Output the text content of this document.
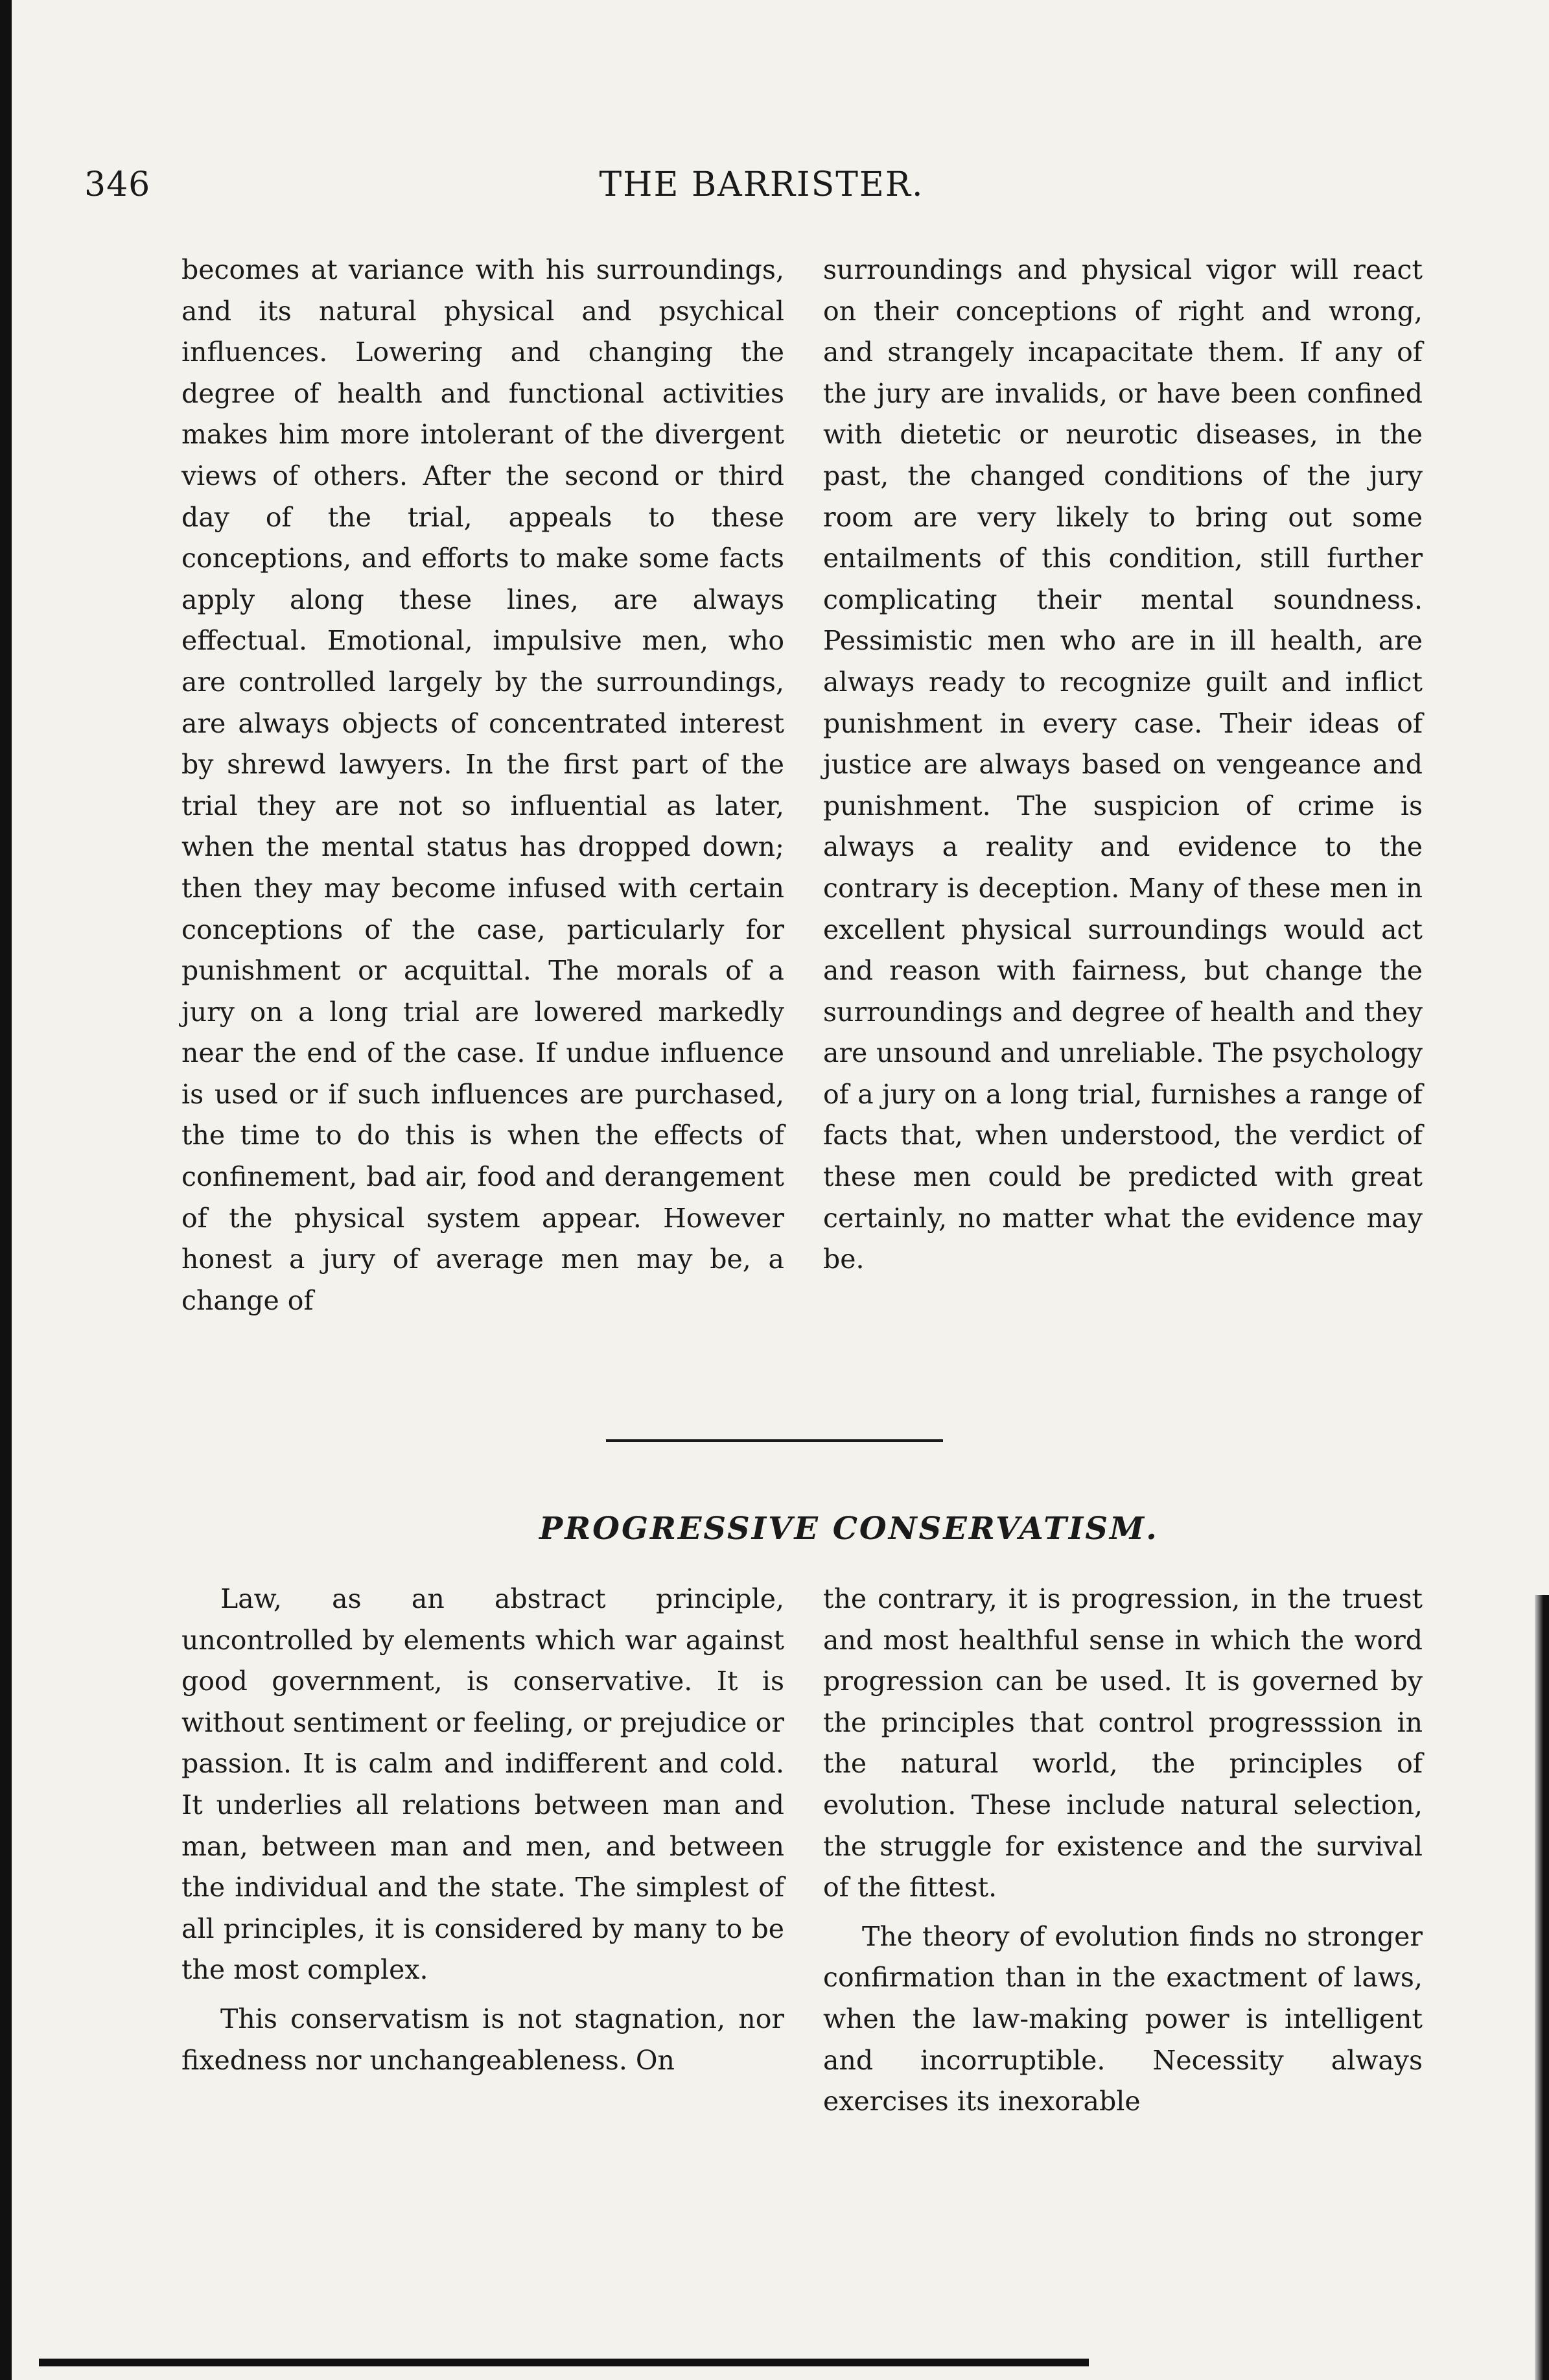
346	THE BARRISTER.

becomes at variance with his surroundings, and its natural physical and psychical influences. Lowering and changing the degree of health and functional activities makes him more intolerant of the divergent views of others. After the second or third day of the trial, appeals to these conceptions, and efforts to make some facts apply along these lines, are always effectual. Emotional, impulsive men, who are controlled largely by the surroundings, are always objects of concentrated interest by shrewd lawyers. In the first part of the trial they are not so influential as later, when the mental status has dropped down; then they may become infused with certain conceptions of the case, particularly for punishment or acquittal. The morals of a jury on a long trial are lowered markedly near the end of the case. If undue influence is used or if such influences are purchased, the time to do this is when the effects of confinement, bad air, food and derangement of the physical system appear. However honest a jury of average men may be, a change of

surroundings and physical vigor will react on their conceptions of right and wrong, and strangely incapacitate them. If any of the jury are invalids, or have been confined with dietetic or neurotic diseases, in the past, the changed conditions of the jury room are very likely to bring out some entailments of this condition, still further complicating their mental soundness. Pessimistic men who are in ill health, are always ready to recognize guilt and inflict punishment in every case. Their ideas of justice are always based on vengeance and punishment. The suspicion of crime is always a reality and evidence to the contrary is deception. Many of these men in excellent physical surroundings would act and reason with fairness, but change the surroundings and degree of health and they are unsound and unreliable. The psychology of a jury on a long trial, furnishes a range of facts that, when understood, the verdict of these men could be predicted with great certainly, no matter what the evidence may be.

PROGRESSIVE CONSERVATISM.

Law, as an abstract principle, uncontrolled by elements which war against good government, is conservative. It is without sentiment or feeling, or prejudice or passion. It is calm and indifferent and cold. It underlies all relations between man and man, between man and men, and between the individual and the state. The simplest of all principles, it is considered by many to be the most complex.

This conservatism is not stagnation, nor fixedness nor unchangeableness. On

the contrary, it is progression, in the truest and most healthful sense in which the word progression can be used. It is governed by the principles that control progresssion in the natural world, the principles of evolution. These include natural selection, the struggle for existence and the survival of the fittest.

The theory of evolution finds no stronger confirmation than in the exactment of laws, when the law-making power is intelligent and incorruptible. Necessity always exercises its inexorable
